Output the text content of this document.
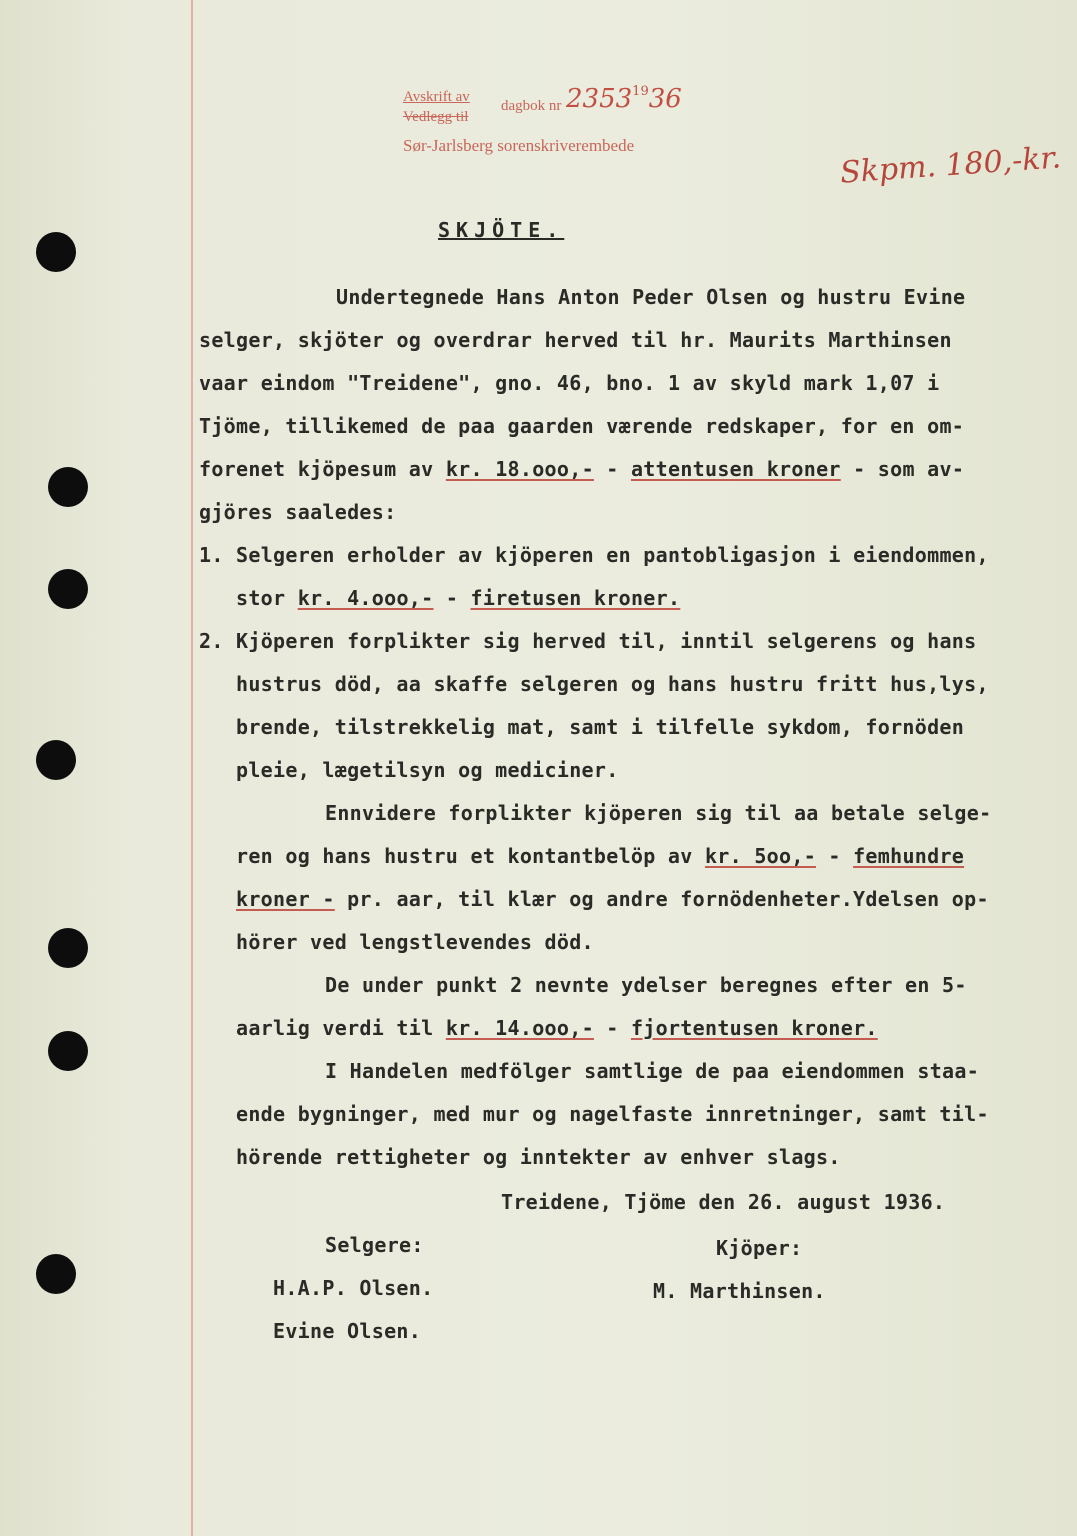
Avskrift av
Vedlegg til
dagbok nr 2353$^{19}$36
Sør-Jarlsberg sorenskriverembede	Skpm. 180,-kr.
SKJÖTE.
Undertegnede Hans Anton Peder Olsen og hustru Evine
selger, skjöter og overdrar herved til hr. Maurits Marthinsen
vaar eindom "Treidene", gno. 46, bno. 1 av skyld mark 1,07 i
Tjöme, tillikemed de paa gaarden værende redskaper, for en om-
forenet kjöpesum av kr. 18.ooo,- - attentusen kroner - som av-
gjöres saaledes:
1. Selgeren erholder av kjöperen en pantobligasjon i eiendommen,
stor kr. 4.ooo,- - firetusen kroner.
2. Kjöperen forplikter sig herved til, inntil selgerens og hans
hustrus död, aa skaffe selgeren og hans hustru fritt hus,lys,
brende, tilstrekkelig mat, samt i tilfelle sykdom, fornöden
pleie, lægetilsyn og mediciner.
Ennvidere forplikter kjöperen sig til aa betale selge-
ren og hans hustru et kontantbelöp av kr. 5oo,- - femhundre
kroner - pr. aar, til klær og andre fornödenheter.Ydelsen op-
hörer ved lengstlevendes död.
De under punkt 2 nevnte ydelser beregnes efter en 5-
aarlig verdi til kr. 14.ooo,- - fjortentusen kroner.
I Handelen medfölger samtlige de paa eiendommen staa-
ende bygninger, med mur og nagelfaste innretninger, samt til-
hörende rettigheter og inntekter av enhver slags.
Treidene, Tjöme den 26. august 1936.
Selgere:	Kjöper:
H.A.P. Olsen.	M. Marthinsen.
Evine Olsen.
